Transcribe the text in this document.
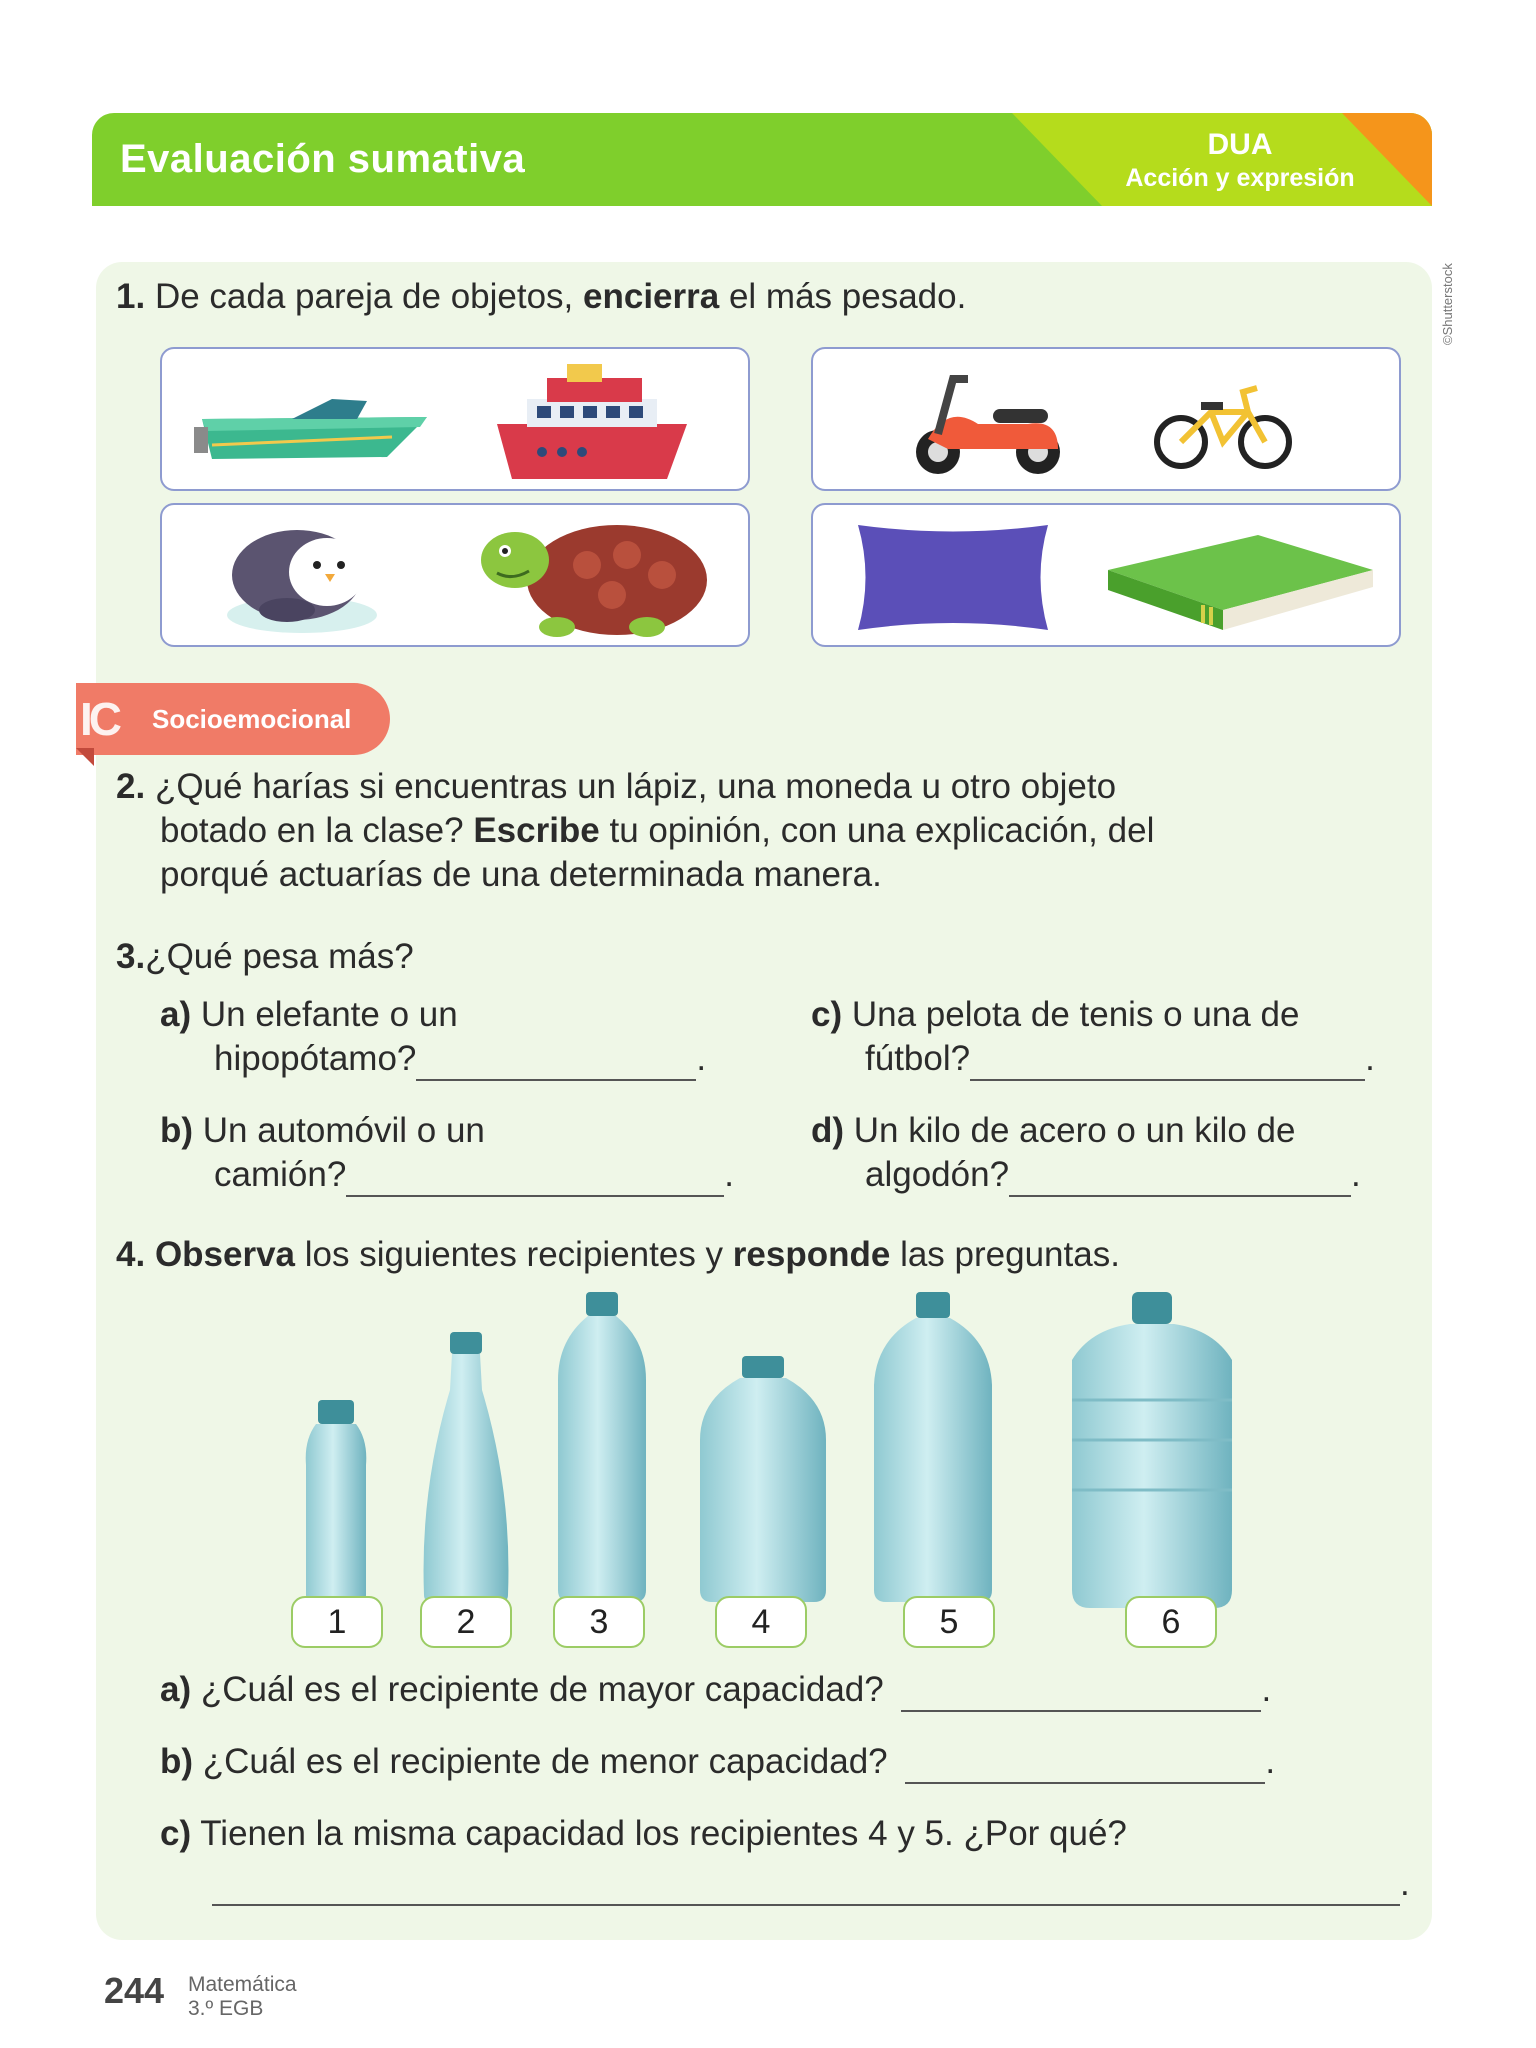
Evaluación sumativa	DUA
Acción y expresión
©Shutterstock
1. De cada pareja de objetos, encierra el más pesado.
IC Socioemocional
2. ¿Qué harías si encuentras un lápiz, una moneda u otro objeto
botado en la clase? Escribe tu opinión, con una explicación, del
porqué actuarías de una determinada manera.
3.¿Qué pesa más?
a) Un elefante o un
hipopótamo?	.
b) Un automóvil o un
camión?	.
c) Una pelota de tenis o una de
fútbol?	.
d) Un kilo de acero o un kilo de
algodón?	.
4. Observa los siguientes recipientes y responde las preguntas.
1	2	3	4	5	6
a) ¿Cuál es el recipiente de mayor capacidad?	.
b) ¿Cuál es el recipiente de menor capacidad?	.
c) Tienen la misma capacidad los recipientes 4 y 5. ¿Por qué?
.
244 Matemática
3.º EGB
